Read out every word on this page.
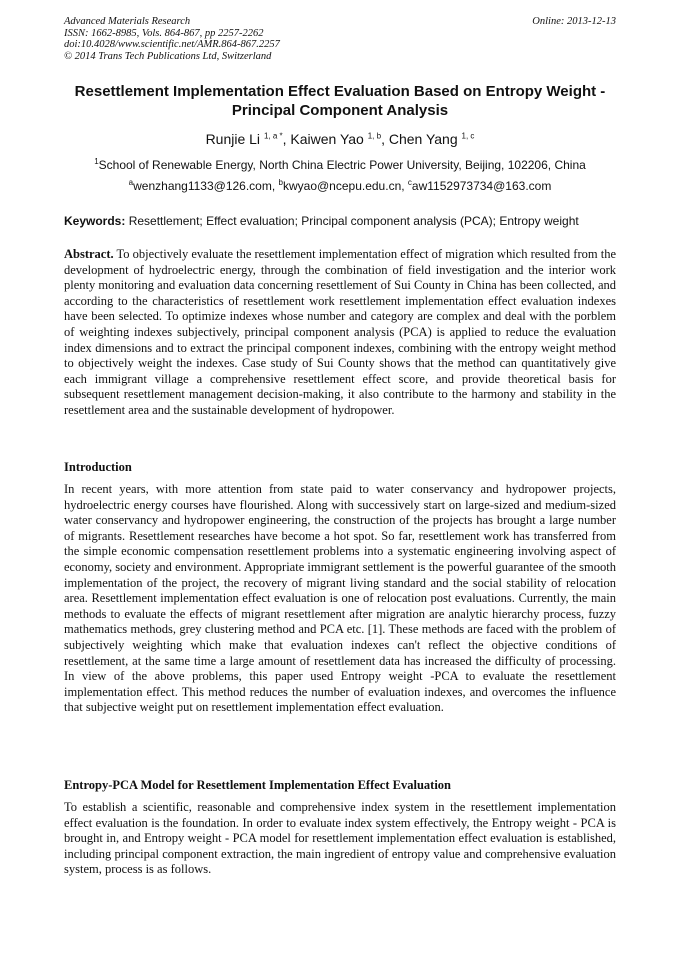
Advanced Materials Research
ISSN: 1662-8985, Vols. 864-867, pp 2257-2262
doi:10.4028/www.scientific.net/AMR.864-867.2257
© 2014 Trans Tech Publications Ltd, Switzerland
Online: 2013-12-13
Resettlement Implementation Effect Evaluation Based on Entropy Weight - Principal Component Analysis
Runjie Li $^{1, a *}$, Kaiwen Yao $^{1, b}$, Chen Yang $^{1, c}$
$^1$School of Renewable Energy, North China Electric Power University, Beijing, 102206, China
$^a$wenzhang1133@126.com, $^b$kwyao@ncepu.edu.cn, $^c$aw1152973734@163.com
Keywords: Resettlement; Effect evaluation; Principal component analysis (PCA); Entropy weight
Abstract. To objectively evaluate the resettlement implementation effect of migration which resulted from the development of hydroelectric energy, through the combination of field investigation and the interior work plenty monitoring and evaluation data concerning resettlement of Sui County in China has been collected, and according to the characteristics of resettlement work resettlement implementation effect evaluation indexes have been selected. To optimize indexes whose number and category are complex and deal with the porblem of weighting indexes subjectively, principal component analysis (PCA) is applied to reduce the evaluation index dimensions and to extract the principal component indexes, combining with the entropy weight method to objectively weight the indexes. Case study of Sui County shows that the method can quantitatively give each immigrant village a comprehensive resettlement effect score, and provide theoretical basis for subsequent resettlement management decision-making, it also contribute to the harmony and stability in the resettlement area and the sustainable development of hydropower.
Introduction
In recent years, with more attention from state paid to water conservancy and hydropower projects, hydroelectric energy courses have flourished. Along with successively start on large-sized and medium-sized water conservancy and hydropower engineering, the construction of the projects has brought a large number of migrants. Resettlement researches have become a hot spot. So far, resettlement work has transferred from the simple economic compensation resettlement problems into a systematic engineering involving aspect of economy, society and environment. Appropriate immigrant settlement is the powerful guarantee of the smooth implementation of the project, the recovery of migrant living standard and the social stability of relocation area. Resettlement implementation effect evaluation is one of relocation post evaluations. Currently, the main methods to evaluate the effects of migrant resettlement after migration are analytic hierarchy process, fuzzy mathematics methods, grey clustering method and PCA etc. [1]. These methods are faced with the problem of subjectively weighting which make that evaluation indexes can't reflect the objective conditions of resettlement, at the same time a large amount of resettlement data has increased the difficulty of processing. In view of the above problems, this paper used Entropy weight -PCA to evaluate the resettlement implementation effect. This method reduces the number of evaluation indexes, and overcomes the influence that subjective weight put on resettlement implementation effect evaluation.
Entropy-PCA Model for Resettlement Implementation Effect Evaluation
To establish a scientific, reasonable and comprehensive index system in the resettlement implementation effect evaluation is the foundation. In order to evaluate index system effectively, the Entropy weight - PCA is brought in, and Entropy weight - PCA model for resettlement implementation effect evaluation is established, including principal component extraction, the main ingredient of entropy value and comprehensive evaluation system, process is as follows.
